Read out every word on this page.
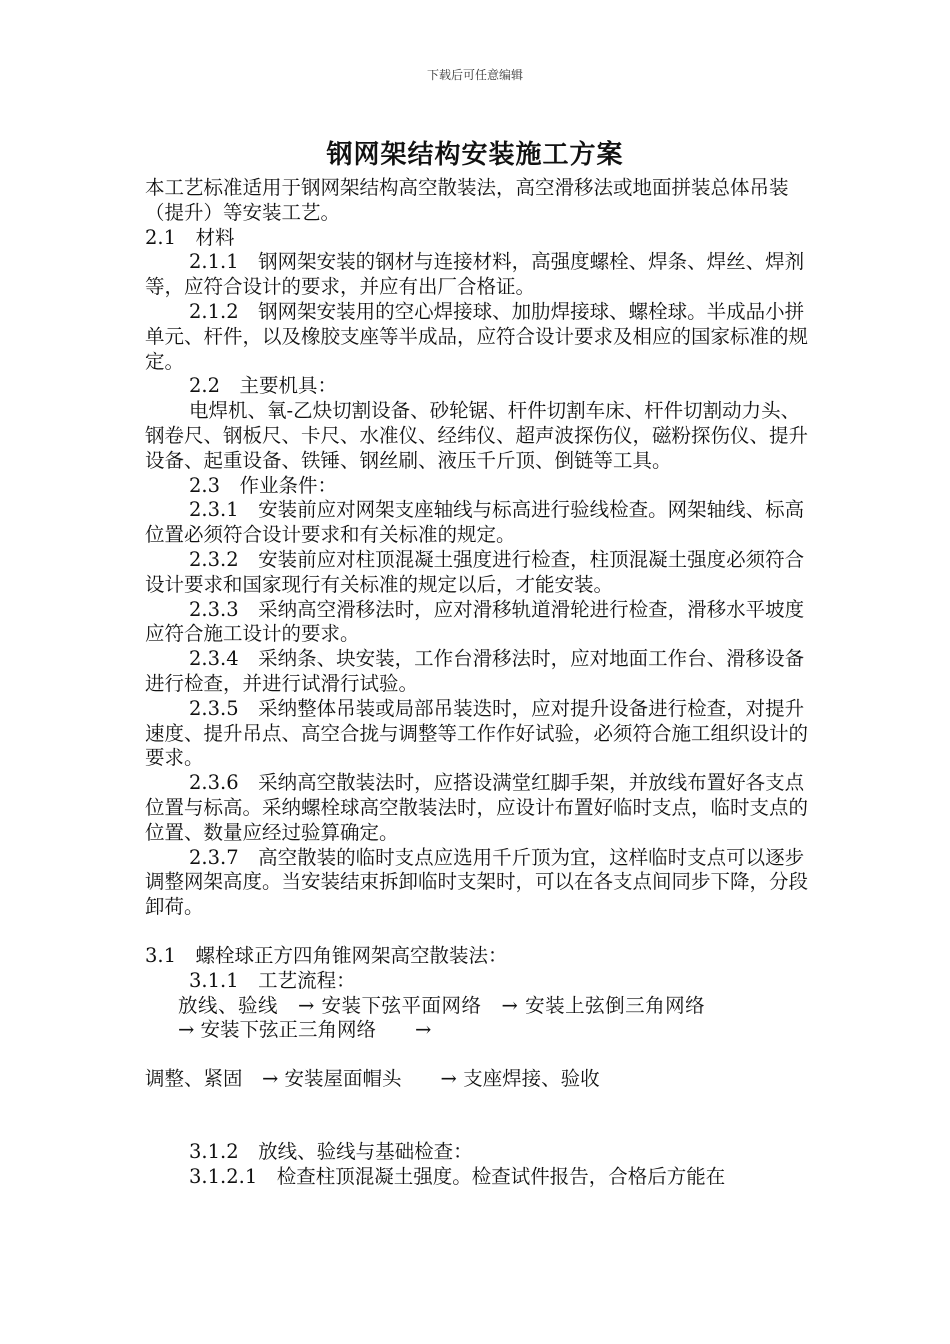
下载后可任意编辑
钢网架结构安装施工方案

本工艺标准适用于钢网架结构高空散装法，高空滑移法或地面拼装总体吊装（提升）等安装工艺。

2.1　材料

2.1.1　钢网架安装的钢材与连接材料，高强度螺栓、焊条、焊丝、焊剂等，应符合设计的要求，并应有出厂合格证。

2.1.2　钢网架安装用的空心焊接球、加肋焊接球、螺栓球。半成品小拼单元、杆件，以及橡胶支座等半成品，应符合设计要求及相应的国家标准的规定。

2.2　主要机具：

电焊机、氧-乙炔切割设备、砂轮锯、杆件切割车床、杆件切割动力头、钢卷尺、钢板尺、卡尺、水准仪、经纬仪、超声波探伤仪，磁粉探伤仪、提升设备、起重设备、铁锤、钢丝刷、液压千斤顶、倒链等工具。

2.3　作业条件：

2.3.1　安装前应对网架支座轴线与标高进行验线检查。网架轴线、标高位置必须符合设计要求和有关标准的规定。

2.3.2　安装前应对柱顶混凝土强度进行检查，柱顶混凝土强度必须符合设计要求和国家现行有关标准的规定以后，才能安装。

2.3.3　采纳高空滑移法时，应对滑移轨道滑轮进行检查，滑移水平坡度应符合施工设计的要求。

2.3.4　采纳条、块安装，工作台滑移法时，应对地面工作台、滑移设备进行检查，并进行试滑行试验。

2.3.5　采纳整体吊装或局部吊装迭时，应对提升设备进行检查，对提升速度、提升吊点、高空合拢与调整等工作作好试验，必须符合施工组织设计的要求。

2.3.6　采纳高空散装法时，应搭设满堂红脚手架，并放线布置好各支点位置与标高。采纳螺栓球高空散装法时，应设计布置好临时支点，临时支点的位置、数量应经过验算确定。

2.3.7　高空散装的临时支点应选用千斤顶为宜，这样临时支点可以逐步调整网架高度。当安装结束拆卸临时支架时，可以在各支点间同步下降，分段卸荷。

3.1　螺栓球正方四角锥网架高空散装法：

3.1.1　工艺流程：

放线、验线　→ 安装下弦平面网络　→ 安装上弦倒三角网络

→ 安装下弦正三角网络　　→

调整、紧固　→ 安装屋面帽头　　→ 支座焊接、验收

3.1.2　放线、验线与基础检查：

3.1.2.1　检查柱顶混凝土强度。检查试件报告，合格后方能在
